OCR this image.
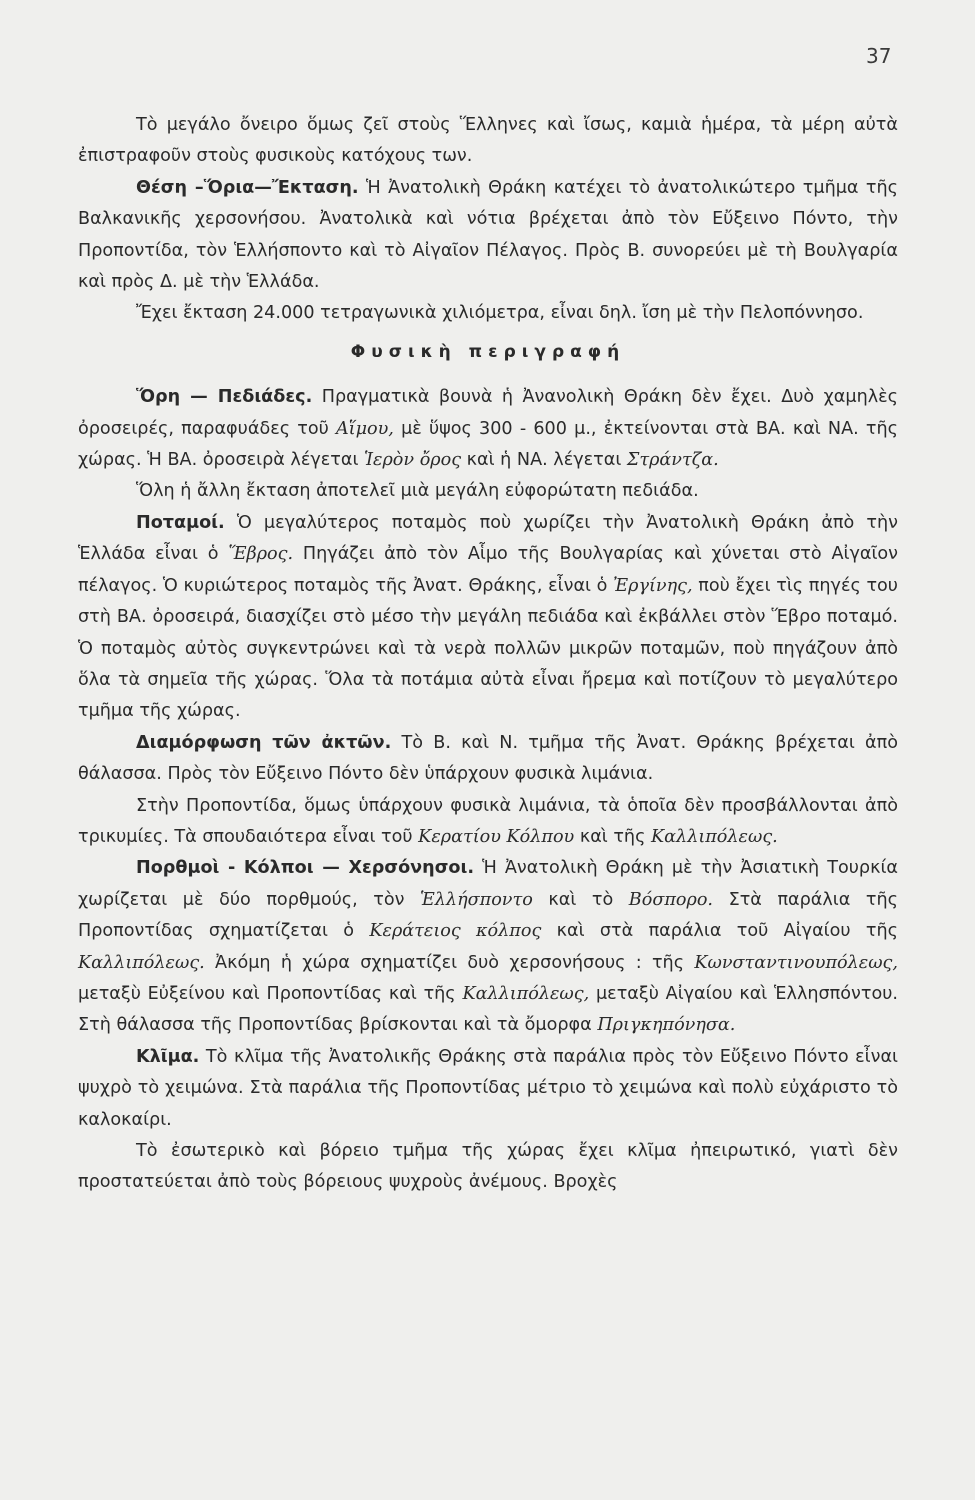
37

Τὸ μεγάλο ὄνειρο ὅμως ζεῖ στοὺς Ἕλληνες καὶ ἴσως, καμιὰ ἡμέρα, τὰ μέρη αὐτὰ ἐπιστραφοῦν στοὺς φυσικοὺς κατόχους των.

Θέση –Ὅρια—Ἔκταση. Ἡ Ἀνατολικὴ Θράκη κατέχει τὸ ἀνατολικώτερο τμῆμα τῆς Βαλκανικῆς χερσονήσου. Ἀνατολικὰ καὶ νότια βρέχεται ἀπὸ τὸν Εὔξεινο Πόντο, τὴν Προποντίδα, τὸν Ἑλλήσποντο καὶ τὸ Αἰγαῖον Πέλαγος. Πρὸς Β. συνορεύει μὲ τὴ Βουλγαρία καὶ πρὸς Δ. μὲ τὴν Ἑλλάδα.

Ἔχει ἔκταση 24.000 τετραγωνικὰ χιλιόμετρα, εἶναι δηλ. ἴση μὲ τὴν Πελοπόννησο.

Φυσικὴ περιγραφή

Ὅρη — Πεδιάδες. Πραγματικὰ βουνὰ ἡ Ἀνανολικὴ Θράκη δὲν ἔχει. Δυὸ χαμηλὲς ὀροσειρές, παραφυάδες τοῦ Αἵμου, μὲ ὕψος 300 - 600 μ., ἐκτείνονται στὰ ΒΑ. καὶ ΝΑ. τῆς χώρας. Ἡ ΒΑ. ὀροσειρὰ λέγεται Ἱερὸν ὄρος καὶ ἡ ΝΑ. λέγεται Στράντζα.

Ὅλη ἡ ἄλλη ἔκταση ἀποτελεῖ μιὰ μεγάλη εὐφορώτατη πεδιάδα.

Ποταμοί. Ὁ μεγαλύτερος ποταμὸς ποὺ χωρίζει τὴν Ἀνατολικὴ Θράκη ἀπὸ τὴν Ἑλλάδα εἶναι ὁ Ἕβρος. Πηγάζει ἀπὸ τὸν Αἷμο τῆς Βουλγαρίας καὶ χύνεται στὸ Αἰγαῖον πέλαγος. Ὁ κυριώτερος ποταμὸς τῆς Ἀνατ. Θράκης, εἶναι ὁ Ἐργίνης, ποὺ ἔχει τὶς πηγές του στὴ ΒΑ. ὀροσειρά, διασχίζει στὸ μέσο τὴν μεγάλη πεδιάδα καὶ ἐκβάλλει στὸν Ἕβρο ποταμό. Ὁ ποταμὸς αὐτὸς συγκεντρώνει καὶ τὰ νερὰ πολλῶν μικρῶν ποταμῶν, ποὺ πηγάζουν ἀπὸ ὅλα τὰ σημεῖα τῆς χώρας. Ὅλα τὰ ποτάμια αὐτὰ εἶναι ἤρεμα καὶ ποτίζουν τὸ μεγαλύτερο τμῆμα τῆς χώρας.

Διαμόρφωση τῶν ἀκτῶν. Τὸ Β. καὶ Ν. τμῆμα τῆς Ἀνατ. Θράκης βρέχεται ἀπὸ θάλασσα. Πρὸς τὸν Εὔξεινο Πόντο δὲν ὑπάρχουν φυσικὰ λιμάνια.

Στὴν Προποντίδα, ὅμως ὑπάρχουν φυσικὰ λιμάνια, τὰ ὁποῖα δὲν προσβάλλονται ἀπὸ τρικυμίες. Τὰ σπουδαιότερα εἶναι τοῦ Κερατίου Κόλπου καὶ τῆς Καλλιπόλεως.

Πορθμοὶ - Κόλποι — Χερσόνησοι. Ἡ Ἀνατολικὴ Θράκη μὲ τὴν Ἀσιατικὴ Τουρκία χωρίζεται μὲ δύο πορθμούς, τὸν Ἑλλήσποντο καὶ τὸ Βόσπορο. Στὰ παράλια τῆς Προποντίδας σχηματίζεται ὁ Κεράτειος κόλπος καὶ στὰ παράλια τοῦ Αἰγαίου τῆς Καλλιπόλεως. Ἀκόμη ἡ χώρα σχηματίζει δυὸ χερσονήσους : τῆς Κωνσταντινουπόλεως, μεταξὺ Εὐξείνου καὶ Προποντίδας καὶ τῆς Καλλιπόλεως, μεταξὺ Αἰγαίου καὶ Ἑλλησπόντου. Στὴ θάλασσα τῆς Προποντίδας βρίσκονται καὶ τὰ ὄμορφα Πριγκηπόνησα.

Κλῖμα. Τὸ κλῖμα τῆς Ἀνατολικῆς Θράκης στὰ παράλια πρὸς τὸν Εὔξεινο Πόντο εἶναι ψυχρὸ τὸ χειμώνα. Στὰ παράλια τῆς Προποντίδας μέτριο τὸ χειμώνα καὶ πολὺ εὐχάριστο τὸ καλοκαίρι.

Τὸ ἐσωτερικὸ καὶ βόρειο τμῆμα τῆς χώρας ἔχει κλῖμα ἠπειρωτικό, γιατὶ δὲν προστατεύεται ἀπὸ τοὺς βόρειους ψυχροὺς ἀνέμους. Βροχὲς
